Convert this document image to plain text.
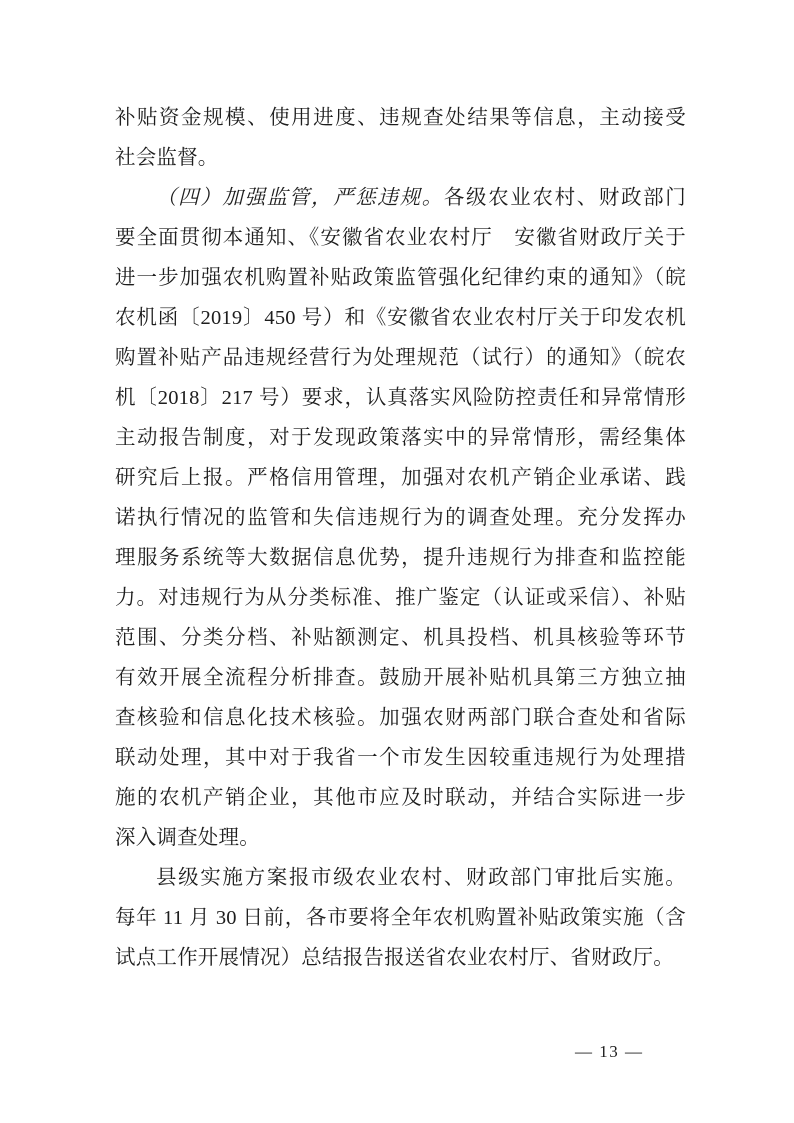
补贴资金规模、使用进度、违规查处结果等信息，主动接受
社会监督。
（四）加强监管，严惩违规。各级农业农村、财政部门
要全面贯彻本通知、《安徽省农业农村厅　安徽省财政厅关于
进一步加强农机购置补贴政策监管强化纪律约束的通知》（皖
农机函〔2019〕450 号）和《安徽省农业农村厅关于印发农机
购置补贴产品违规经营行为处理规范（试行）的通知》（皖农
机〔2018〕217 号）要求，认真落实风险防控责任和异常情形
主动报告制度，对于发现政策落实中的异常情形，需经集体
研究后上报。严格信用管理，加强对农机产销企业承诺、践
诺执行情况的监管和失信违规行为的调查处理。充分发挥办
理服务系统等大数据信息优势，提升违规行为排查和监控能
力。对违规行为从分类标准、推广鉴定（认证或采信）、补贴
范围、分类分档、补贴额测定、机具投档、机具核验等环节
有效开展全流程分析排查。鼓励开展补贴机具第三方独立抽
查核验和信息化技术核验。加强农财两部门联合查处和省际
联动处理，其中对于我省一个市发生因较重违规行为处理措
施的农机产销企业，其他市应及时联动，并结合实际进一步
深入调查处理。
县级实施方案报市级农业农村、财政部门审批后实施。
每年 11 月 30 日前，各市要将全年农机购置补贴政策实施（含
试点工作开展情况）总结报告报送省农业农村厅、省财政厅。
— 13 —
